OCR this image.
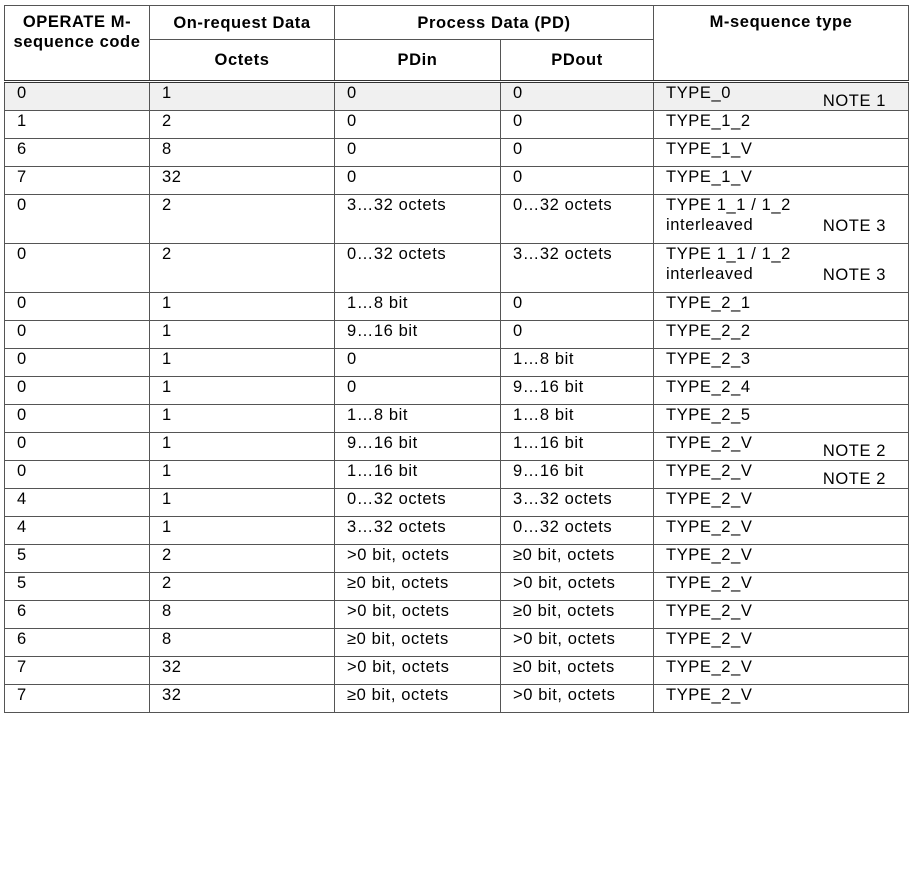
OPERATE M-sequence code	On-request Data	Process Data (PD)		M-sequence type
	Octets	PDin	PDout	
0	1	0	0	TYPE_0 NOTE 1

1	2	0	0	TYPE_1_2

6	8	0	0	TYPE_1_V

7	32	0	0	TYPE_1_V

0	2	3…32 octets	0…32 octets	TYPE 1_1 / 1_2
interleaved NOTE 3

0	2	0…32 octets	3…32 octets	TYPE 1_1 / 1_2
interleaved NOTE 3

0	1	1…8 bit	0	TYPE_2_1

0	1	9…16 bit	0	TYPE_2_2

0	1	0	1…8 bit	TYPE_2_3

0	1	0	9…16 bit	TYPE_2_4

0	1	1…8 bit	1…8 bit	TYPE_2_5

0	1	9…16 bit	1…16 bit	TYPE_2_V NOTE 2

0	1	1…16 bit	9…16 bit	TYPE_2_V NOTE 2

4	1	0…32 octets	3…32 octets	TYPE_2_V

4	1	3…32 octets	0…32 octets	TYPE_2_V

5	2	>0 bit, octets	≥0 bit, octets	TYPE_2_V

5	2	≥0 bit, octets	>0 bit, octets	TYPE_2_V

6	8	>0 bit, octets	≥0 bit, octets	TYPE_2_V

6	8	≥0 bit, octets	>0 bit, octets	TYPE_2_V

7	32	>0 bit, octets	≥0 bit, octets	TYPE_2_V

7	32	≥0 bit, octets	>0 bit, octets	TYPE_2_V
